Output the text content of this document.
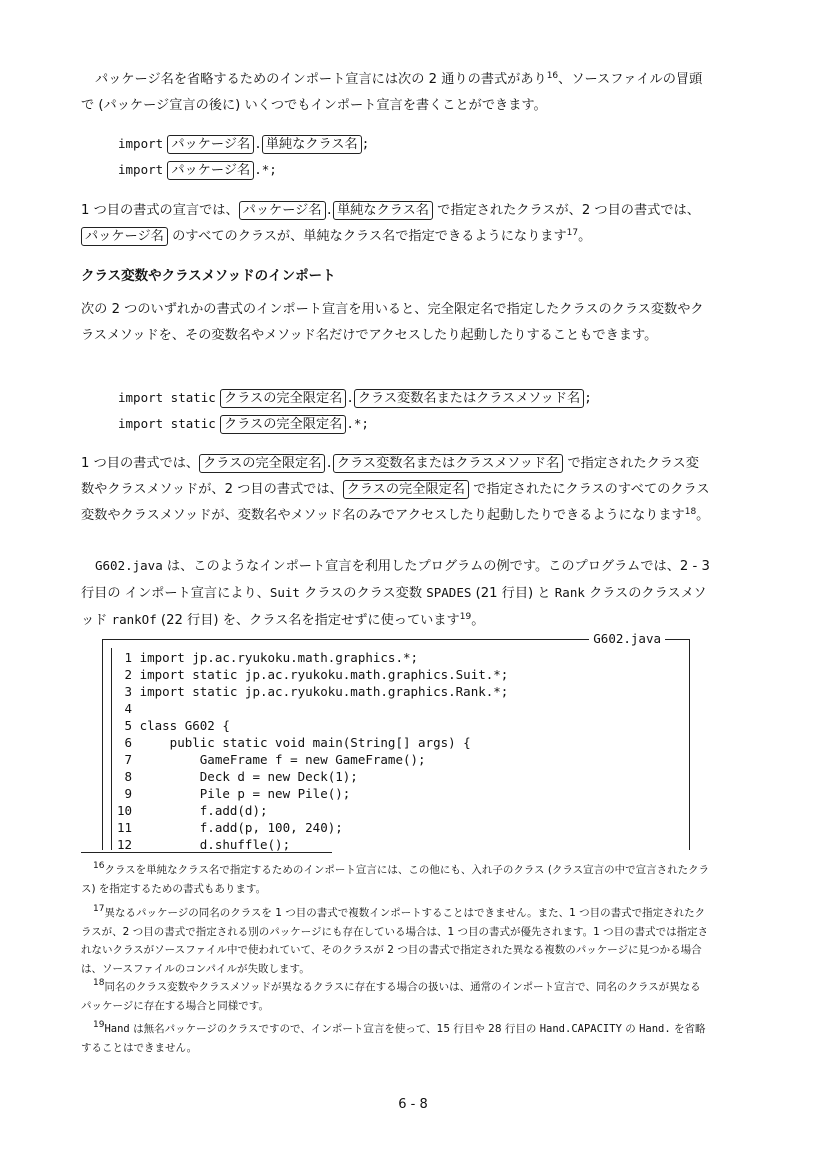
パッケージ名を省略するためのインポート宣言には次の 2 通りの書式があり$^{16}$、ソースファイルの冒頭で (パッケージ宣言の後に) いくつでもインポート宣言を書くことができます。

import パッケージ名 . 単純なクラス名 ;
import パッケージ名 .*;

1 つ目の書式の宣言では、 パッケージ名 . 単純なクラス名 で指定されたクラスが、2 つ目の書式では、パッケージ名 のすべてのクラスが、単純なクラス名で指定できるようになります$^{17}$。

クラス変数やクラスメソッドのインポート

次の 2 つのいずれかの書式のインポート宣言を用いると、完全限定名で指定したクラスのクラス変数やクラスメソッドを、その変数名やメソッド名だけでアクセスしたり起動したりすることもできます。

import static クラスの完全限定名 . クラス変数名またはクラスメソッド名 ;
import static クラスの完全限定名 .*;

1 つ目の書式では、 クラスの完全限定名 . クラス変数名またはクラスメソッド名 で指定されたクラス変数やクラスメソッドが、2 つ目の書式では、 クラスの完全限定名 で指定されたにクラスのすべてのクラス変数やクラスメソッドが、変数名やメソッド名のみでアクセスしたり起動したりできるようになります$^{18}$。

G602.java は、このようなインポート宣言を利用したプログラムの例です。このプログラムでは、2 - 3 行目の インポート宣言により、Suit クラスのクラス変数 SPADES (21 行目) と Rank クラスのクラスメソッド rankOf (22 行目) を、クラス名を指定せずに使っています$^{19}$。

G602.java
1 import jp.ac.ryukoku.math.graphics.*;
2 import static jp.ac.ryukoku.math.graphics.Suit.*;
3 import static jp.ac.ryukoku.math.graphics.Rank.*;
4
5 class G602 {
6     public static void main(String[] args) {
7         GameFrame f = new GameFrame();
8         Deck d = new Deck(1);
9         Pile p = new Pile();
10         f.add(d);
11         f.add(p, 100, 240);
12         d.shuffle();

$^{16}$クラスを単純なクラス名で指定するためのインポート宣言には、この他にも、入れ子のクラス (クラス宣言の中で宣言されたクラス) を指定するための書式もあります。

$^{17}$異なるパッケージの同名のクラスを 1 つ目の書式で複数インポートすることはできません。また、1 つ目の書式で指定されたクラスが、2 つ目の書式で指定される別のパッケージにも存在している場合は、1 つ目の書式が優先されます。1 つ目の書式では指定されないクラスがソースファイル中で使われていて、そのクラスが 2 つ目の書式で指定された異なる複数のパッケージに見つかる場合は、ソースファイルのコンパイルが失敗します。

$^{18}$同名のクラス変数やクラスメソッドが異なるクラスに存在する場合の扱いは、通常のインポート宣言で、同名のクラスが異なるパッケージに存在する場合と同様です。

$^{19}$Hand は無名パッケージのクラスですので、インポート宣言を使って、15 行目や 28 行目の Hand.CAPACITY の Hand. を省略することはできません。

6 - 8
